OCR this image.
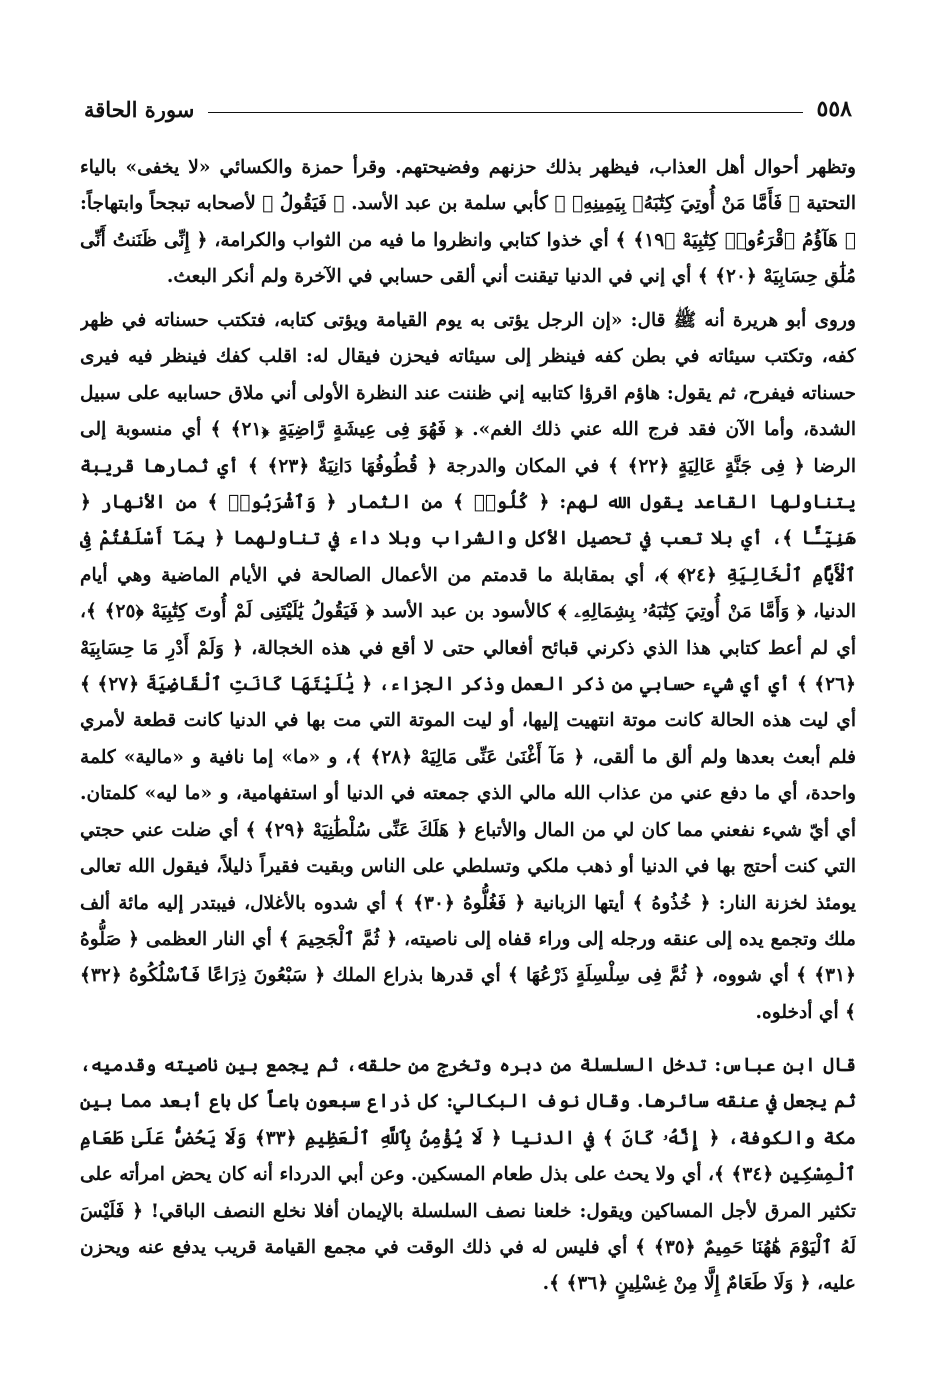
٥٥٨
سورة الحاقة

وتظهر أحوال أهل العذاب، فيظهر بذلك حزنهم وفضيحتهم. وقرأ حمزة والكسائي «لا يخفى» بالياء التحتية ﴿ فَأَمَّا مَنْ أُوتِيَ كِتَٰبَهُۥ بِيَمِينِهِۦ ﴾ كأبي سلمة بن عبد الأسد. ﴿ فَيَقُولُ ﴾ لأصحابه تبجحاً وابتهاجاً: ﴿ هَآؤُمُ ٱقْرَءُوا۟ كِتَٰبِيَهْ ﴿١٩﴾ ﴾ أي خذوا كتابي وانظروا ما فيه من الثواب والكرامة، ﴿ إِنِّى ظَنَنتُ أَنِّى مُلَٰقٍ حِسَابِيَهْ ﴿٢٠﴾ ﴾ أي إني في الدنيا تيقنت أني ألقى حسابي في الآخرة ولم أنكر البعث.

وروى أبو هريرة أنه ﷺ قال: «إن الرجل يؤتى به يوم القيامة ويؤتى كتابه، فتكتب حسناته في ظهر كفه، وتكتب سيئاته في بطن كفه فينظر إلى سيئاته فيحزن فيقال له: اقلب كفك فينظر فيه فيرى حسناته فيفرح، ثم يقول: هاؤم اقرؤا كتابيه إني ظننت عند النظرة الأولى أني ملاق حسابيه على سبيل الشدة، وأما الآن فقد فرج الله عني ذلك الغم». ﴿ فَهُوَ فِى عِيشَةٍ رَّاضِيَةٍ ﴿٢١﴾ ﴾ أي منسوبة إلى الرضا ﴿ فِى جَنَّةٍ عَالِيَةٍ ﴿٢٢﴾ ﴾ في المكان والدرجة ﴿ قُطُوفُهَا دَانِيَةٌ ﴿٢٣﴾ ﴾ أي ثمارها قريبة يتناولها القاعد يقول الله لهم: ﴿ كُلُوا۟ ﴾ من الثمار ﴿ وَٱشْرَبُوا۟ ﴾ من الأنهار ﴿ هَنِيٓـًٔا ﴾، أي بلا تعب في تحصيل الأكل والشراب وبلا داء في تناولهما ﴿ بِمَآ أَسْلَفْتُمْ فِى ٱلْأَيَّامِ ٱلْخَالِيَةِ ﴿٢٤﴾ ﴾، أي بمقابلة ما قدمتم من الأعمال الصالحة في الأيام الماضية وهي أيام الدنيا، ﴿ وَأَمَّا مَنْ أُوتِيَ كِتَٰبَهُۥ بِشِمَالِهِۦ ﴾ كالأسود بن عبد الأسد ﴿ فَيَقُولُ يَٰلَيْتَنِى لَمْ أُوتَ كِتَٰبِيَهْ ﴿٢٥﴾ ﴾، أي لم أعط كتابي هذا الذي ذكرني قبائح أفعالي حتى لا أقع في هذه الخجالة، ﴿ وَلَمْ أَدْرِ مَا حِسَابِيَهْ ﴿٢٦﴾ ﴾ أي أي شيء حسابي من ذكر العمل وذكر الجزاء، ﴿ يَٰلَيْتَهَا كَانَتِ ٱلْقَاضِيَةَ ﴿٢٧﴾ ﴾ أي ليت هذه الحالة كانت موتة انتهيت إليها، أو ليت الموتة التي مت بها في الدنيا كانت قطعة لأمري فلم أبعث بعدها ولم ألق ما ألقى، ﴿ مَآ أَغْنَىٰ عَنِّى مَالِيَهْ ﴿٢٨﴾ ﴾، و «ما» إما نافية و «مالية» كلمة واحدة، أي ما دفع عني من عذاب الله مالي الذي جمعته في الدنيا أو استفهامية، و «ما ليه» كلمتان. أي أيّ شيء نفعني مما كان لي من المال والأتباع ﴿ هَلَكَ عَنِّى سُلْطَٰنِيَهْ ﴿٢٩﴾ ﴾ أي ضلت عني حجتي التي كنت أحتج بها في الدنيا أو ذهب ملكي وتسلطي على الناس وبقيت فقيراً ذليلاً، فيقول الله تعالى يومئذ لخزنة النار: ﴿ خُذُوهُ ﴾ أيتها الزبانية ﴿ فَغُلُّوهُ ﴿٣٠﴾ ﴾ أي شدوه بالأغلال، فيبتدر إليه مائة ألف ملك وتجمع يده إلى عنقه ورجله إلى وراء قفاه إلى ناصيته، ﴿ ثُمَّ ٱلْجَحِيمَ ﴾ أي النار العظمى ﴿ صَلُّوهُ ﴿٣١﴾ ﴾ أي شووه، ﴿ ثُمَّ فِى سِلْسِلَةٍ ذَرْعُهَا ﴾ أي قدرها بذراع الملك ﴿ سَبْعُونَ ذِرَاعًا فَٱسْلُكُوهُ ﴿٣٢﴾ ﴾ أي أدخلوه.

قال ابن عباس: تدخل السلسلة من دبره وتخرج من حلقه، ثم يجمع بين ناصيته وقدميه، ثم يجعل في عنقه سائرها. وقال نوف البكالي: كل ذراع سبعون باعاً كل باع أبعد مما بين مكة والكوفة، ﴿ إِنَّهُۥ كَانَ ﴾ في الدنيا ﴿ لَا يُؤْمِنُ بِٱللَّهِ ٱلْعَظِيمِ ﴿٣٣﴾ وَلَا يَحُضُّ عَلَىٰ طَعَامِ ٱلْمِسْكِينِ ﴿٣٤﴾ ﴾، أي ولا يحث على بذل طعام المسكين. وعن أبي الدرداء أنه كان يحض امرأته على تكثير المرق لأجل المساكين ويقول: خلعنا نصف السلسلة بالإيمان أفلا نخلع النصف الباقي! ﴿ فَلَيْسَ لَهُ ٱلْيَوْمَ هَٰهُنَا حَمِيمٌ ﴿٣٥﴾ ﴾ أي فليس له في ذلك الوقت في مجمع القيامة قريب يدفع عنه ويحزن عليه، ﴿ وَلَا طَعَامٌ إِلَّا مِنْ غِسْلِينٍ ﴿٣٦﴾ ﴾.
